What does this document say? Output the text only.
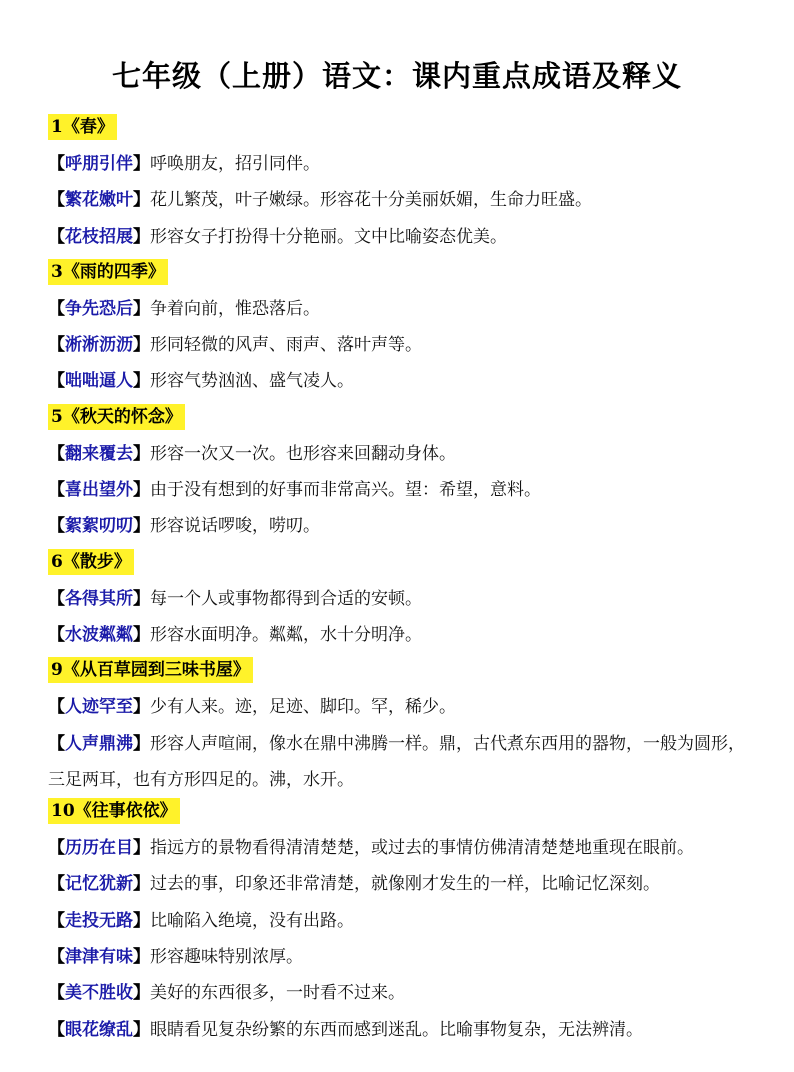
七年级（上册）语文：课内重点成语及释义
1《春》
【呼朋引伴】呼唤朋友，招引同伴。
【繁花嫩叶】花儿繁茂，叶子嫩绿。形容花十分美丽妖媚，生命力旺盛。
【花枝招展】形容女子打扮得十分艳丽。文中比喻姿态优美。
3《雨的四季》
【争先恐后】争着向前，惟恐落后。
【淅淅沥沥】形同轻微的风声、雨声、落叶声等。
【咄咄逼人】形容气势汹汹、盛气凌人。
5《秋天的怀念》
【翻来覆去】形容一次又一次。也形容来回翻动身体。
【喜出望外】由于没有想到的好事而非常高兴。望：希望，意料。
【絮絮叨叨】形容说话啰唆，唠叨。
6《散步》
【各得其所】每一个人或事物都得到合适的安顿。
【水波粼粼】形容水面明净。粼粼，水十分明净。
9《从百草园到三味书屋》
【人迹罕至】少有人来。迹，足迹、脚印。罕，稀少。
【人声鼎沸】形容人声喧闹，像水在鼎中沸腾一样。鼎，古代煮东西用的器物，一般为圆形，三足两耳，也有方形四足的。沸，水开。
10《往事依依》
【历历在目】指远方的景物看得清清楚楚，或过去的事情仿佛清清楚楚地重现在眼前。
【记忆犹新】过去的事，印象还非常清楚，就像刚才发生的一样，比喻记忆深刻。
【走投无路】比喻陷入绝境，没有出路。
【津津有味】形容趣味特别浓厚。
【美不胜收】美好的东西很多，一时看不过来。
【眼花缭乱】眼睛看见复杂纷繁的东西而感到迷乱。比喻事物复杂，无法辨清。
